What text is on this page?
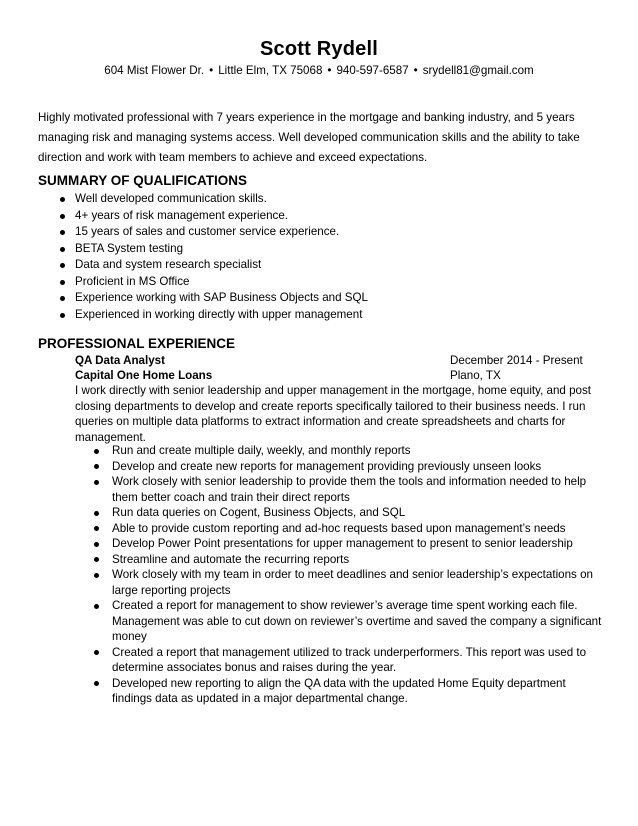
Scott Rydell
604 Mist Flower Dr. • Little Elm, TX 75068 • 940-597-6587 • srydell81@gmail.com
Highly motivated professional with 7 years experience in the mortgage and banking industry, and 5 years managing risk and managing systems access. Well developed communication skills and the ability to take direction and work with team members to achieve and exceed expectations.
SUMMARY OF QUALIFICATIONS
Well developed communication skills.
4+ years of risk management experience.
15 years of sales and customer service experience.
BETA System testing
Data and system research specialist
Proficient in MS Office
Experience working with SAP Business Objects and SQL
Experienced in working directly with upper management
PROFESSIONAL EXPERIENCE
QA Data Analyst	December 2014 - Present
Capital One Home Loans	Plano, TX
I work directly with senior leadership and upper management in the mortgage, home equity, and post closing departments to develop and create reports specifically tailored to their business needs. I run queries on multiple data platforms to extract information and create spreadsheets and charts for management.
Run and create multiple daily, weekly, and monthly reports
Develop and create new reports for management providing previously unseen looks
Work closely with senior leadership to provide them the tools and information needed to help them better coach and train their direct reports
Run data queries on Cogent, Business Objects, and SQL
Able to provide custom reporting and ad-hoc requests based upon management’s needs
Develop Power Point presentations for upper management to present to senior leadership
Streamline and automate the recurring reports
Work closely with my team in order to meet deadlines and senior leadership’s expectations on large reporting projects
Created a report for management to show reviewer’s average time spent working each file. Management was able to cut down on reviewer’s overtime and saved the company a significant money
Created a report that management utilized to track underperformers. This report was used to determine associates bonus and raises during the year.
Developed new reporting to align the QA data with the updated Home Equity department findings data as updated in a major departmental change.
